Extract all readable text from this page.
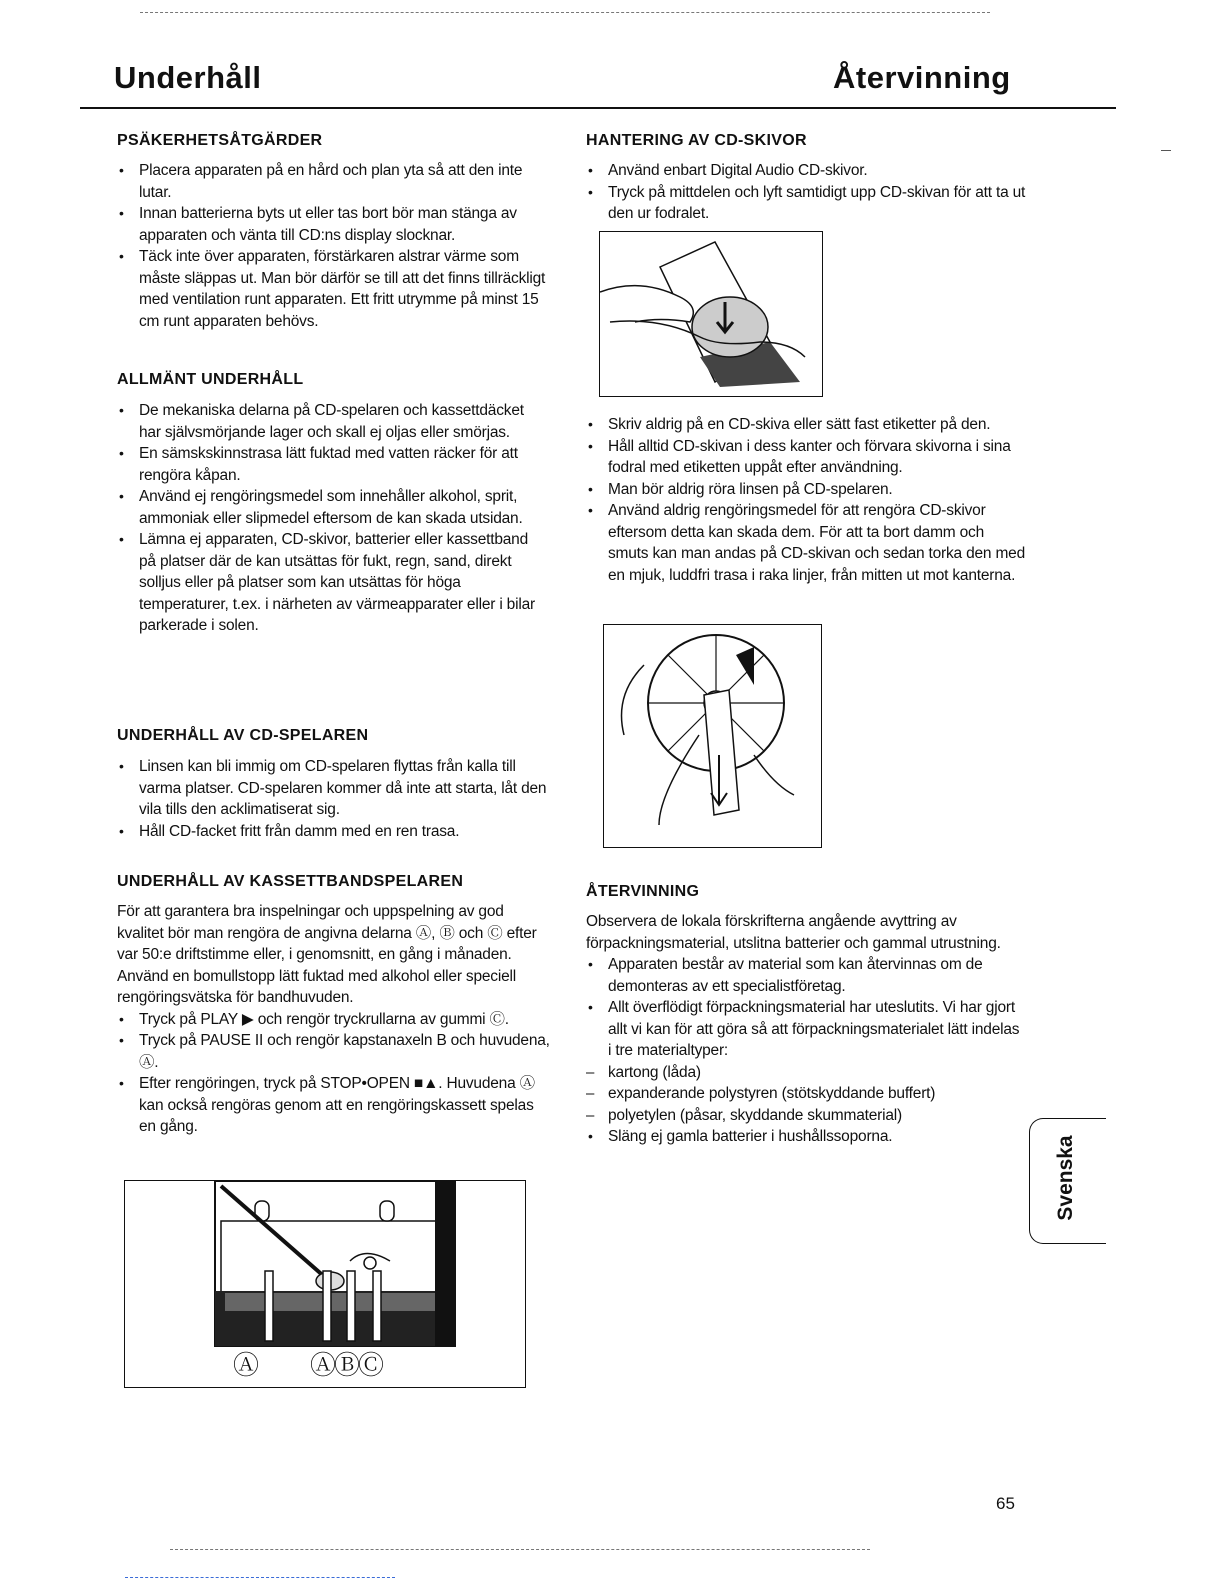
Underhåll	Återvinning
PSÄKERHETSÅTGÄRDER
• Placera apparaten på en hård och plan yta så att den inte lutar.
• Innan batterierna byts ut eller tas bort bör man stänga av apparaten och vänta till CD:ns display slocknar.
• Täck inte över apparaten, förstärkaren alstrar värme som måste släppas ut. Man bör därför se till att det finns tillräckligt med ventilation runt apparaten. Ett fritt utrymme på minst 15 cm runt apparaten behövs.
ALLMÄNT UNDERHÅLL
• De mekaniska delarna på CD-spelaren och kassettdäcket har självsmörjande lager och skall ej oljas eller smörjas.
• En sämskskinnstrasa lätt fuktad med vatten räcker för att rengöra kåpan.
• Använd ej rengöringsmedel som innehåller alkohol, sprit, ammoniak eller slipmedel eftersom de kan skada utsidan.
• Lämna ej apparaten, CD-skivor, batterier eller kassettband på platser där de kan utsättas för fukt, regn, sand, direkt solljus eller på platser som kan utsättas för höga temperaturer, t.ex. i närheten av värmeapparater eller i bilar parkerade i solen.
UNDERHÅLL AV CD-SPELAREN
• Linsen kan bli immig om CD-spelaren flyttas från kalla till varma platser. CD-spelaren kommer då inte att starta, låt den vila tills den acklimatiserat sig.
• Håll CD-facket fritt från damm med en ren trasa.
UNDERHÅLL AV KASSETTBANDSPELAREN

För att garantera bra inspelningar och uppspelning av god kvalitet bör man rengöra de angivna delarna Ⓐ, Ⓑ och Ⓒ efter var 50:e driftstimme eller, i genomsnitt, en gång i månaden. Använd en bomullstopp lätt fuktad med alkohol eller speciell rengöringsvätska för bandhuvuden.

• Tryck på PLAY ▶ och rengör tryckrullarna av gummi Ⓒ.
• Tryck på PAUSE II och rengör kapstanaxeln B och huvudena, Ⓐ.
• Efter rengöringen, tryck på STOP•OPEN ■▲. Huvudena Ⓐ kan också rengöras genom att en rengöringskassett spelas en gång.
Ⓐ ⒶⒷⒸ
HANTERING AV CD-SKIVOR
• Använd enbart Digital Audio CD-skivor.
• Tryck på mittdelen och lyft samtidigt upp CD-skivan för att ta ut den ur fodralet.
• Skriv aldrig på en CD-skiva eller sätt fast etiketter på den.
• Håll alltid CD-skivan i dess kanter och förvara skivorna i sina fodral med etiketten uppåt efter användning.
• Man bör aldrig röra linsen på CD-spelaren.
• Använd aldrig rengöringsmedel för att rengöra CD-skivor eftersom detta kan skada dem. För att ta bort damm och smuts kan man andas på CD-skivan och sedan torka den med en mjuk, luddfri trasa i raka linjer, från mitten ut mot kanterna.
ÅTERVINNING

Observera de lokala förskrifterna angående avyttring av förpackningsmaterial, utslitna batterier och gammal utrustning.

• Apparaten består av material som kan återvinnas om de demonteras av ett specialistföretag.
• Allt överflödigt förpackningsmaterial har uteslutits. Vi har gjort allt vi kan för att göra så att förpackningsmaterialet lätt indelas i tre materialtyper:
– kartong (låda)
– expanderande polystyren (stötskyddande buffert)
– polyetylen (påsar, skyddande skummaterial)
• Släng ej gamla batterier i hushållssoporna.	Svenska
65
